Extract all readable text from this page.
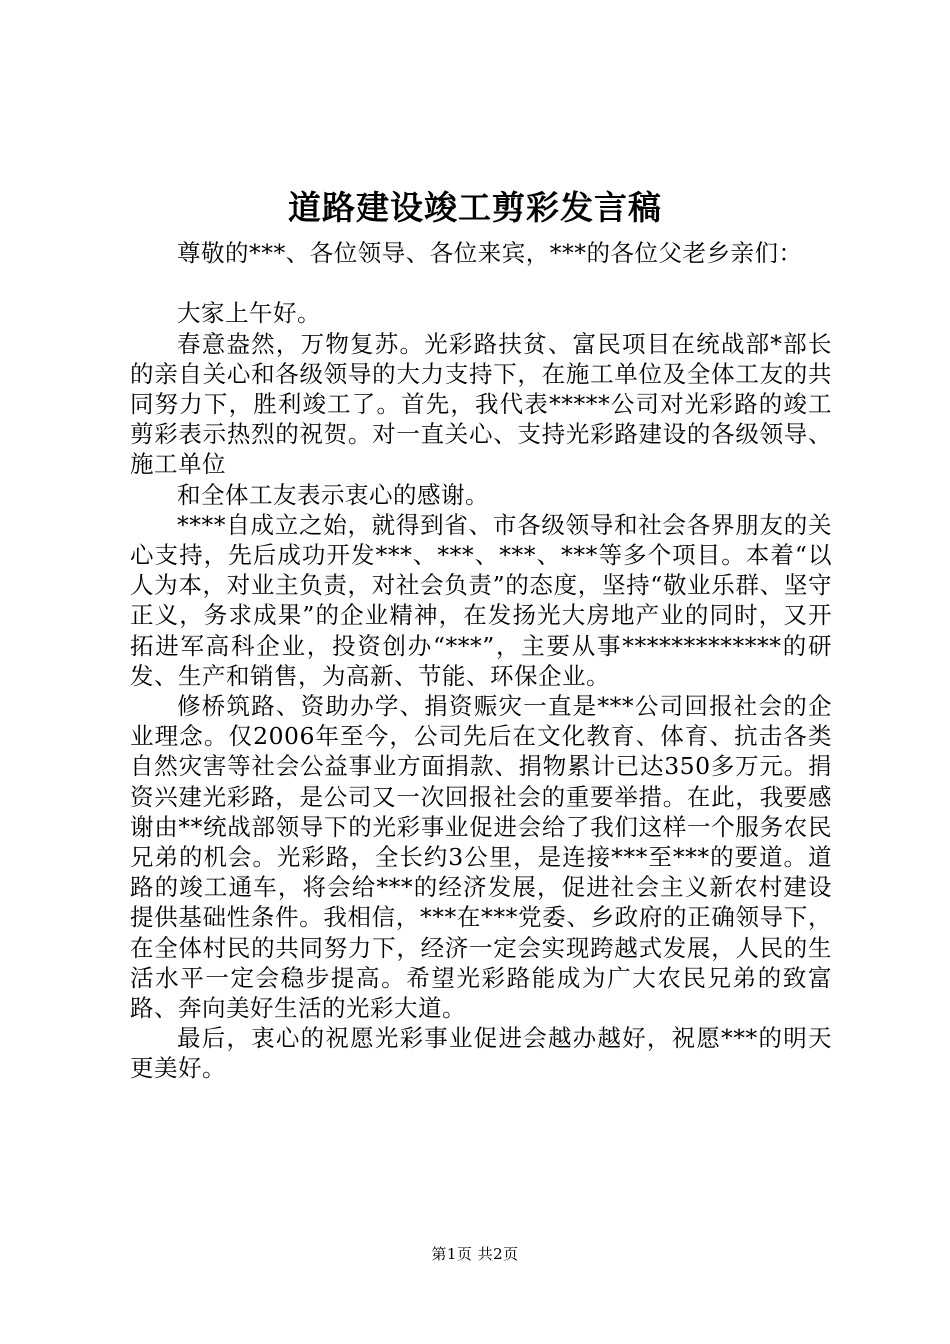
道路建设竣工剪彩发言稿

尊敬的***、各位领导、各位来宾，***的各位父老乡亲们：

大家上午好。

春意盎然，万物复苏。光彩路扶贫、富民项目在统战部*部长的亲自关心和各级领导的大力支持下，在施工单位及全体工友的共同努力下，胜利竣工了。首先，我代表*****公司对光彩路的竣工剪彩表示热烈的祝贺。对一直关心、支持光彩路建设的各级领导、施工单位

和全体工友表示衷心的感谢。

****自成立之始，就得到省、市各级领导和社会各界朋友的关心支持，先后成功开发***、***、***、***等多个项目。本着“以人为本，对业主负责，对社会负责”的态度，坚持“敬业乐群、坚守正义，务求成果”的企业精神，在发扬光大房地产业的同时，又开拓进军高科企业，投资创办“***”，主要从事*************的研发、生产和销售，为高新、节能、环保企业。

修桥筑路、资助办学、捐资赈灾一直是***公司回报社会的企业理念。仅2006年至今，公司先后在文化教育、体育、抗击各类自然灾害等社会公益事业方面捐款、捐物累计已达350多万元。捐资兴建光彩路，是公司又一次回报社会的重要举措。在此，我要感谢由**统战部领导下的光彩事业促进会给了我们这样一个服务农民兄弟的机会。光彩路，全长约3公里，是连接***至***的要道。道路的竣工通车，将会给***的经济发展，促进社会主义新农村建设提供基础性条件。我相信，***在***党委、乡政府的正确领导下，在全体村民的共同努力下，经济一定会实现跨越式发展，人民的生活水平一定会稳步提高。希望光彩路能成为广大农民兄弟的致富路、奔向美好生活的光彩大道。

最后，衷心的祝愿光彩事业促进会越办越好，祝愿***的明天更美好。

第1页 共2页
